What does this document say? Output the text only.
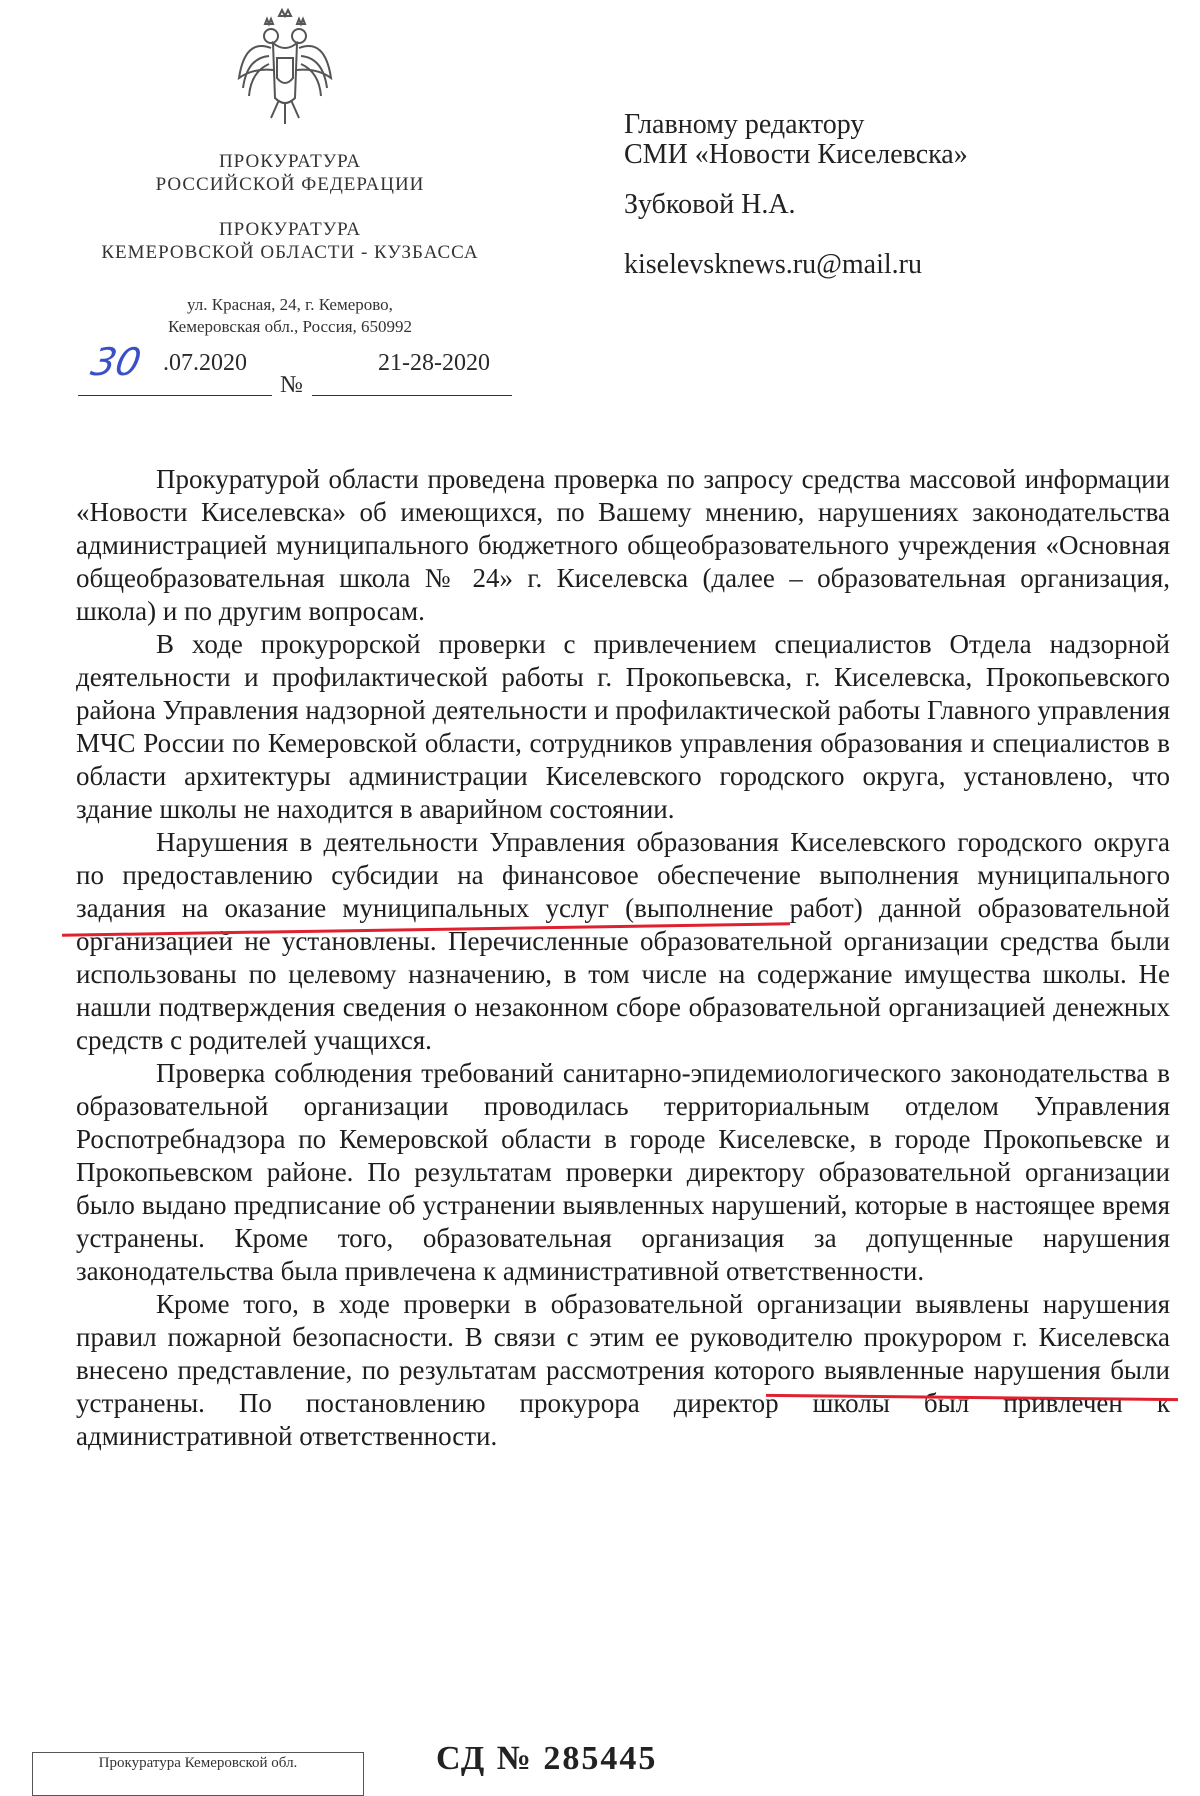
ПРОКУРАТУРА
РОССИЙСКОЙ ФЕДЕРАЦИИ
ПРОКУРАТУРА
КЕМЕРОВСКОЙ ОБЛАСТИ - КУЗБАССА
ул. Красная, 24, г. Кемерово,
Кемеровская обл., Россия, 650992
30 .07.2020
№
21-28-2020
Главному редактору
СМИ «Новости Киселевска»
Зубковой Н.А.
kiselevsknews.ru@mail.ru

Прокуратурой области проведена проверка по запросу средства массовой информации «Новости Киселевска» об имеющихся, по Вашему мнению, нарушениях законодательства администрацией муниципального бюджетного общеобразовательного учреждения «Основная общеобразовательная школа № 24» г. Киселевска (далее – образовательная организация, школа) и по другим вопросам.

В ходе прокурорской проверки с привлечением специалистов Отдела надзорной деятельности и профилактической работы г. Прокопьевска, г. Киселевска, Прокопьевского района Управления надзорной деятельности и профилактической работы Главного управления МЧС России по Кемеровской области, сотрудников управления образования и специалистов в области архитектуры администрации Киселевского городского округа, установлено, что здание школы не находится в аварийном состоянии.

Нарушения в деятельности Управления образования Киселевского городского округа по предоставлению субсидии на финансовое обеспечение выполнения муниципального задания на оказание муниципальных услуг (выполнение работ) данной образовательной организацией не установлены. Перечисленные образовательной организации средства были использованы по целевому назначению, в том числе на содержание имущества школы. Не нашли подтверждения сведения о незаконном сборе образовательной организацией денежных средств с родителей учащихся.

Проверка соблюдения требований санитарно-эпидемиологического законодательства в образовательной организации проводилась территориальным отделом Управления Роспотребнадзора по Кемеровской области в городе Киселевске, в городе Прокопьевске и Прокопьевском районе. По результатам проверки директору образовательной организации было выдано предписание об устранении выявленных нарушений, которые в настоящее время устранены. Кроме того, образовательная организация за допущенные нарушения законодательства была привлечена к административной ответственности.

Кроме того, в ходе проверки в образовательной организации выявлены нарушения правил пожарной безопасности. В связи с этим ее руководителю прокурором г. Киселевска внесено представление, по результатам рассмотрения которого выявленные нарушения были устранены. По постановлению прокурора директор школы был привлечен к административной ответственности.

Прокуратура Кемеровской обл.	СД № 285445
